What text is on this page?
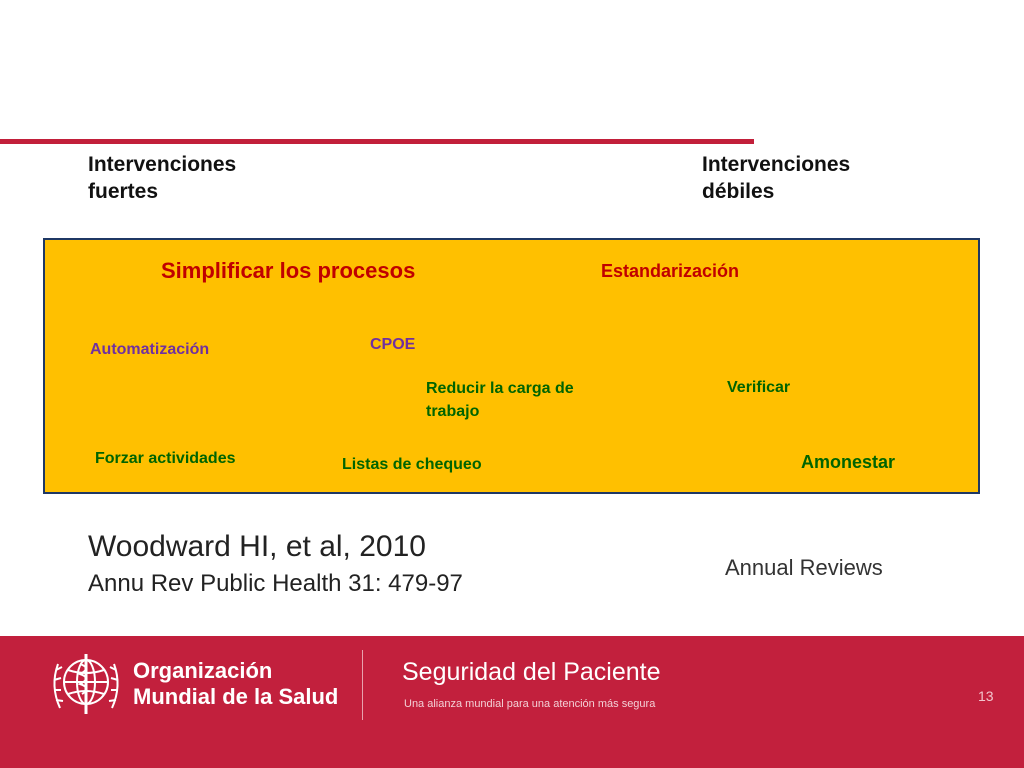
Intervenciones
fuertes
Intervenciones
débiles
Simplificar los procesos	Estandarización
Automatización	CPOE
Reducir la carga de
trabajo
Verificar
Forzar actividades	Listas de chequeo	Amonestar
Woodward HI, et al, 2010
Annu Rev Public Health 31: 479-97
Annual Reviews
Organización
Mundial de la Salud
Seguridad del Paciente
Una alianza mundial para una atención más segura	13
